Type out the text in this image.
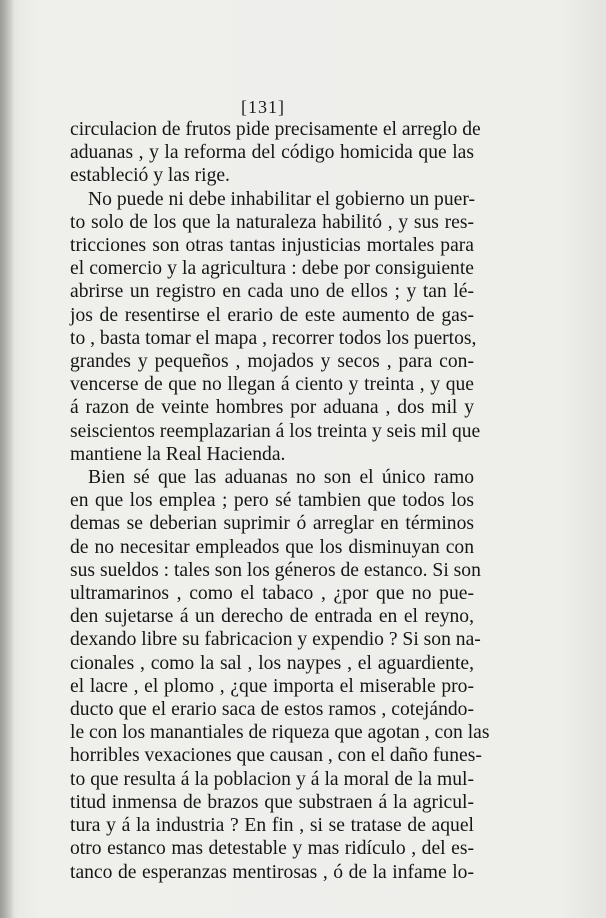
[131]
circulacion de frutos pide precisamente el arreglo de
aduanas , y la reforma del código homicida que las
estableció y las rige.
No puede ni debe inhabilitar el gobierno un puer-
to solo de los que la naturaleza habilitó , y sus res-
tricciones son otras tantas injusticias mortales para
el comercio y la agricultura : debe por consiguiente
abrirse un registro en cada uno de ellos ; y tan lé-
jos de resentirse el erario de este aumento de gas-
to , basta tomar el mapa , recorrer todos los puertos,
grandes y pequeños , mojados y secos , para con-
vencerse de que no llegan á ciento y treinta , y que
á razon de veinte hombres por aduana , dos mil y
seiscientos reemplazarian á los treinta y seis mil que
mantiene la Real Hacienda.
Bien sé que las aduanas no son el único ramo
en que los emplea ; pero sé tambien que todos los
demas se deberian suprimir ó arreglar en términos
de no necesitar empleados que los disminuyan con
sus sueldos : tales son los géneros de estanco. Si son
ultramarinos , como el tabaco , ¿por que no pue-
den sujetarse á un derecho de entrada en el reyno,
dexando libre su fabricacion y expendio ? Si son na-
cionales , como la sal , los naypes , el aguardiente,
el lacre , el plomo , ¿que importa el miserable pro-
ducto que el erario saca de estos ramos , cotejándo-
le con los manantiales de riqueza que agotan , con las
horribles vexaciones que causan , con el daño funes-
to que resulta á la poblacion y á la moral de la mul-
titud inmensa de brazos que substraen á la agricul-
tura y á la industria ? En fin , si se tratase de aquel
otro estanco mas detestable y mas ridículo , del es-
tanco de esperanzas mentirosas , ó de la infame lo-
